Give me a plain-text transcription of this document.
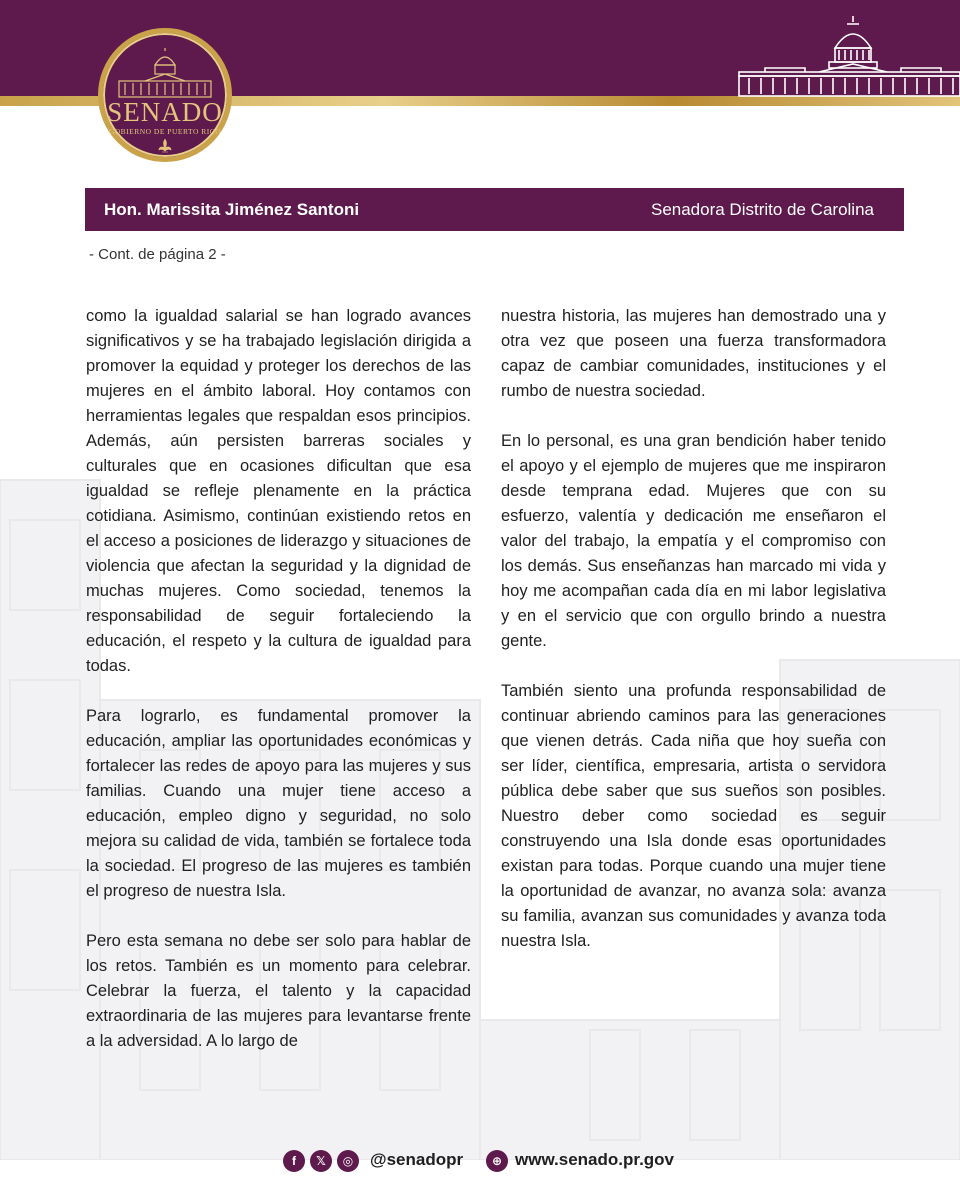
SENADO
GOBIERNO DE PUERTO RICO
Hon. Marissita Jiménez Santoni	Senadora Distrito de Carolina
- Cont. de página 2 -

como la igualdad salarial se han logrado avances significativos y se ha trabajado legislación dirigida a promover la equidad y proteger los derechos de las mujeres en el ámbito laboral. Hoy contamos con herramientas legales que respaldan esos principios. Además, aún persisten barreras sociales y culturales que en ocasiones dificultan que esa igualdad se refleje plenamente en la práctica cotidiana. Asimismo, continúan existiendo retos en el acceso a posiciones de liderazgo y situaciones de violencia que afectan la seguridad y la dignidad de muchas mujeres. Como sociedad, tenemos la responsabilidad de seguir fortaleciendo la educación, el respeto y la cultura de igualdad para todas.

Para lograrlo, es fundamental promover la educación, ampliar las oportunidades económicas y fortalecer las redes de apoyo para las mujeres y sus familias. Cuando una mujer tiene acceso a educación, empleo digno y seguridad, no solo mejora su calidad de vida, también se fortalece toda la sociedad. El progreso de las mujeres es también el progreso de nuestra Isla.

Pero esta semana no debe ser solo para hablar de los retos. También es un momento para celebrar. Celebrar la fuerza, el talento y la capacidad extraordinaria de las mujeres para levantarse frente a la adversidad. A lo largo de

nuestra historia, las mujeres han demostrado una y otra vez que poseen una fuerza transformadora capaz de cambiar comunidades, instituciones y el rumbo de nuestra sociedad.

En lo personal, es una gran bendición haber tenido el apoyo y el ejemplo de mujeres que me inspiraron desde temprana edad. Mujeres que con su esfuerzo, valentía y dedicación me enseñaron el valor del trabajo, la empatía y el compromiso con los demás. Sus enseñanzas han marcado mi vida y hoy me acompañan cada día en mi labor legislativa y en el servicio que con orgullo brindo a nuestra gente.

También siento una profunda responsabilidad de continuar abriendo caminos para las generaciones que vienen detrás. Cada niña que hoy sueña con ser líder, científica, empresaria, artista o servidora pública debe saber que sus sueños son posibles. Nuestro deber como sociedad es seguir construyendo una Isla donde esas oportunidades existan para todas. Porque cuando una mujer tiene la oportunidad de avanzar, no avanza sola: avanza su familia, avanzan sus comunidades y avanza toda nuestra Isla.

f	𝕏	◎ @senadopr	⊕ www.senado.pr.gov
